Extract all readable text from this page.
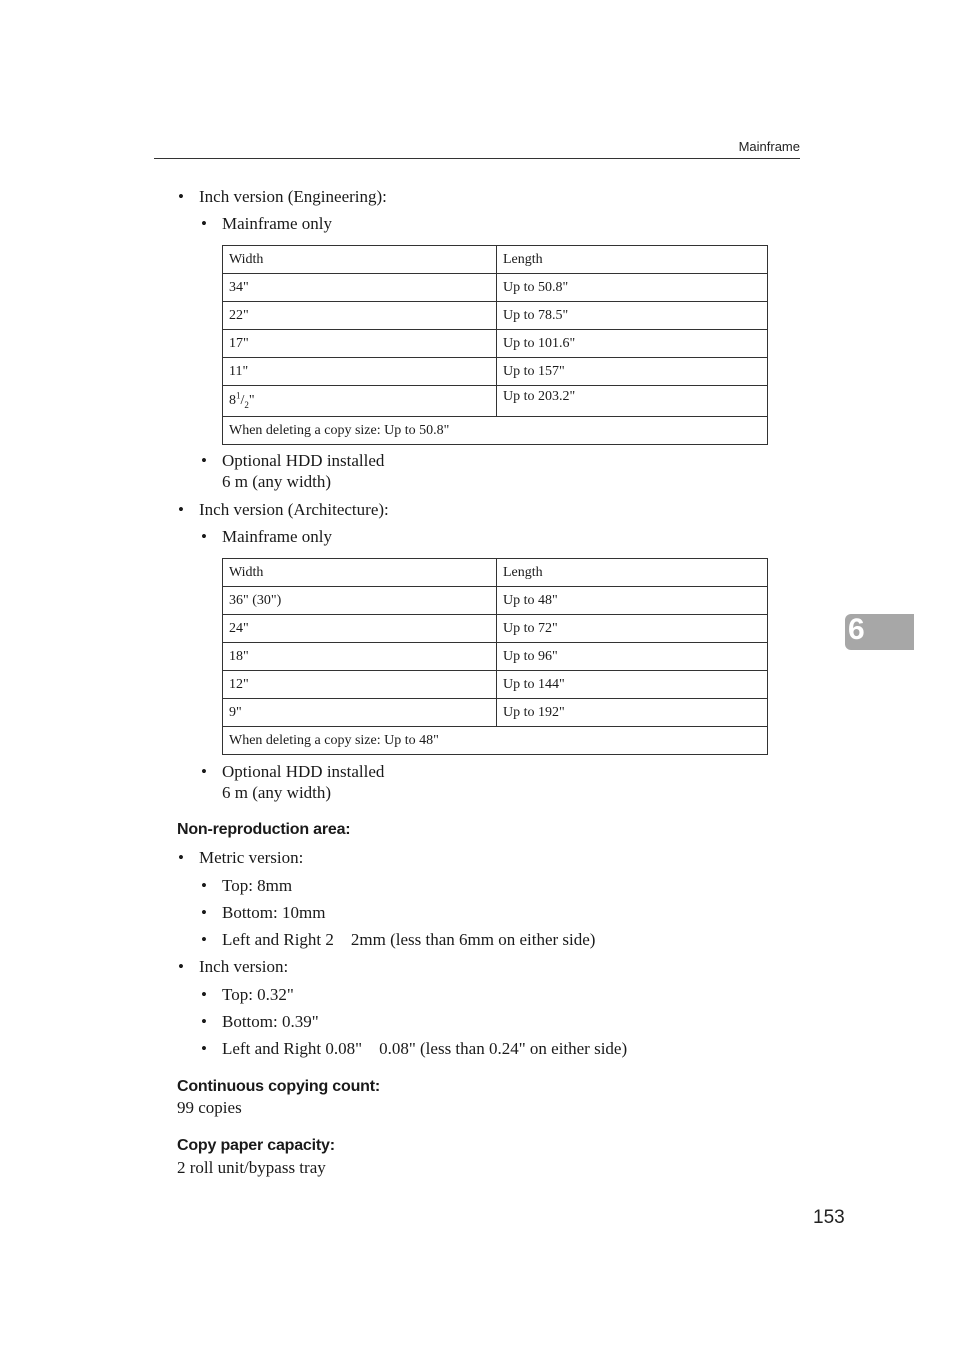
Mainframe
• Inch version (Engineering):
• Mainframe only
Width	Length
34"	Up to 50.8"
22"	Up to 78.5"
17"	Up to 101.6"
11"	Up to 157"
$8^1/_2$"	Up to 203.2"
When deleting a copy size: Up to 50.8"	
• Optional HDD installed
6 m (any width)
• Inch version (Architecture):
• Mainframe only
Width	Length
36" (30")	Up to 48"
24"	Up to 72"
18"	Up to 96"
12"	Up to 144"
9"	Up to 192"
When deleting a copy size: Up to 48"	
• Optional HDD installed
6 m (any width)
Non-reproduction area:
• Metric version:
• Top: 8mm
• Bottom: 10mm
• Left and Right 2    2mm (less than 6mm on either side)
• Inch version:
• Top: 0.32"
• Bottom: 0.39"
• Left and Right 0.08"    0.08" (less than 0.24" on either side)
Continuous copying count:
99 copies
Copy paper capacity:
2 roll unit/bypass tray
6
153
